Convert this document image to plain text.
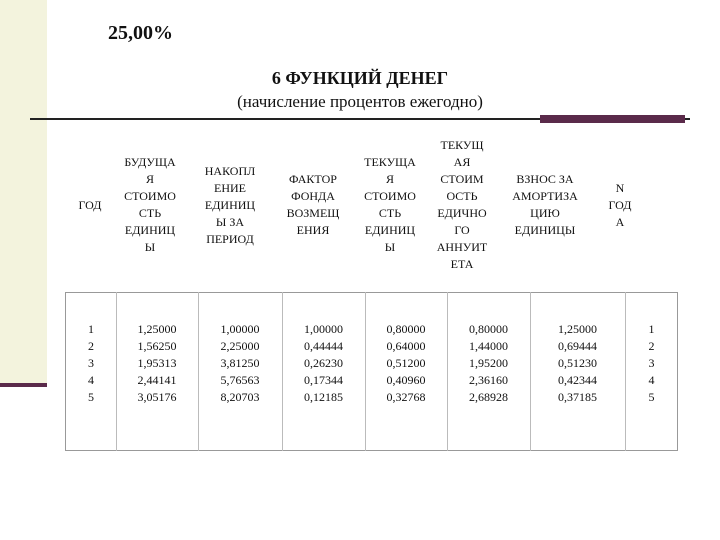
25,00%
6 ФУНКЦИЙ ДЕНЕГ
(начисление процентов ежегодно)
ГОД
БУДУЩА
Я
СТОИМО
СТЬ
ЕДИНИЦ
Ы
НАКОПЛ
ЕНИЕ
ЕДИНИЦ
Ы ЗА
ПЕРИОД
ФАКТОР
ФОНДА
ВОЗМЕЩ
ЕНИЯ
ТЕКУЩА
Я
СТОИМО
СТЬ
ЕДИНИЦ
Ы
ТЕКУЩ
АЯ
СТОИМ
ОСТЬ
ЕДИЧНО
ГО
АННУИТ
ЕТА
ВЗНОС ЗА
АМОРТИЗА
ЦИЮ
ЕДИНИЦЫ
N
ГОД
А
1
2
3
4
5
1,25000
1,56250
1,95313
2,44141
3,05176
1,00000
2,25000
3,81250
5,76563
8,20703
1,00000
0,44444
0,26230
0,17344
0,12185
0,80000
0,64000
0,51200
0,40960
0,32768
0,80000
1,44000
1,95200
2,36160
2,68928
1,25000
0,69444
0,51230
0,42344
0,37185
1
2
3
4
5
